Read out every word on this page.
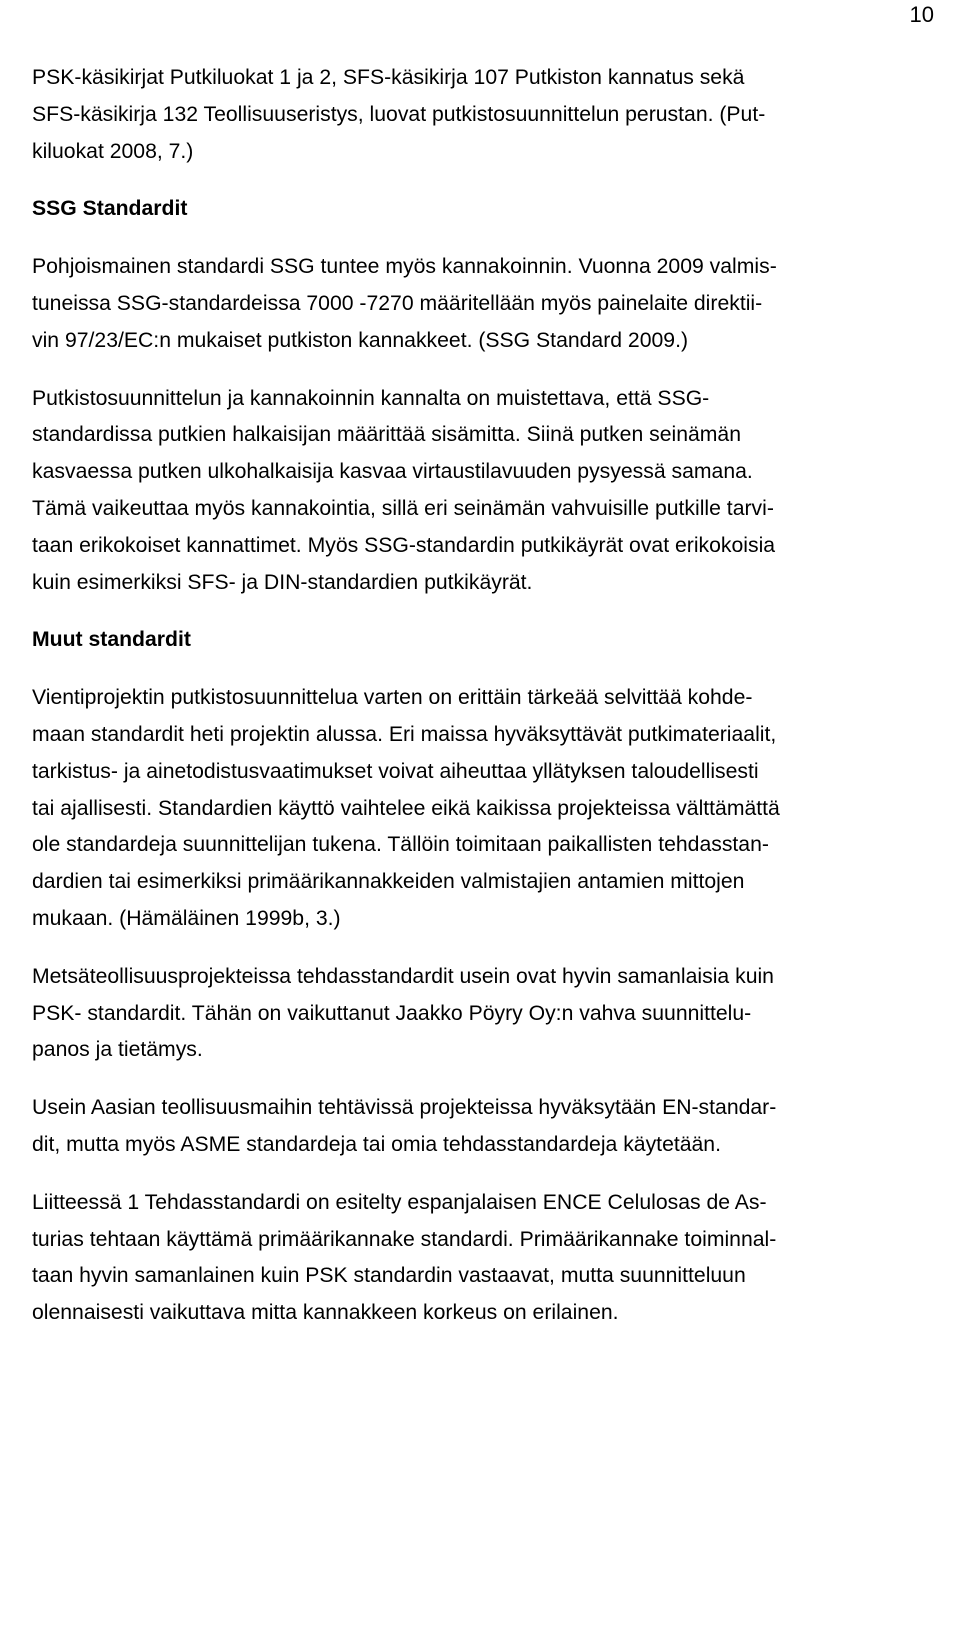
10

PSK-käsikirjat Putkiluokat 1 ja 2, SFS-käsikirja 107 Putkiston kannatus sekä
SFS-käsikirja 132 Teollisuuseristys, luovat putkistosuunnittelun perustan. (Put-
kiluokat 2008, 7.)

SSG Standardit

Pohjoismainen standardi SSG tuntee myös kannakoinnin. Vuonna 2009 valmis-
tuneissa SSG-standardeissa 7000 -7270 määritellään myös painelaite direktii-
vin 97/23/EC:n mukaiset putkiston kannakkeet. (SSG Standard 2009.)

Putkistosuunnittelun ja kannakoinnin kannalta on muistettava, että SSG-
standardissa putkien halkaisijan määrittää sisämitta. Siinä putken seinämän
kasvaessa putken ulkohalkaisija kasvaa virtaustilavuuden pysyessä samana.
Tämä vaikeuttaa myös kannakointia, sillä eri seinämän vahvuisille putkille tarvi-
taan erikokoiset kannattimet. Myös SSG-standardin putkikäyrät ovat erikokoisia
kuin esimerkiksi SFS- ja DIN-standardien putkikäyrät.

Muut standardit

Vientiprojektin putkistosuunnittelua varten on erittäin tärkeää selvittää kohde-
maan standardit heti projektin alussa. Eri maissa hyväksyttävät putkimateriaalit,
tarkistus- ja ainetodistusvaatimukset voivat aiheuttaa yllätyksen taloudellisesti
tai ajallisesti. Standardien käyttö vaihtelee eikä kaikissa projekteissa välttämättä
ole standardeja suunnittelijan tukena. Tällöin toimitaan paikallisten tehdasstan-
dardien tai esimerkiksi primäärikannakkeiden valmistajien antamien mittojen
mukaan. (Hämäläinen 1999b, 3.)

Metsäteollisuusprojekteissa tehdasstandardit usein ovat hyvin samanlaisia kuin
PSK- standardit. Tähän on vaikuttanut Jaakko Pöyry Oy:n vahva suunnittelu-
panos ja tietämys.

Usein Aasian teollisuusmaihin tehtävissä projekteissa hyväksytään EN-standar-
dit, mutta myös ASME standardeja tai omia tehdasstandardeja käytetään.

Liitteessä 1 Tehdasstandardi on esitelty espanjalaisen ENCE Celulosas de As-
turias tehtaan käyttämä primäärikannake standardi. Primäärikannake toiminnal-
taan hyvin samanlainen kuin PSK standardin vastaavat, mutta suunnitteluun
olennaisesti vaikuttava mitta kannakkeen korkeus on erilainen.
